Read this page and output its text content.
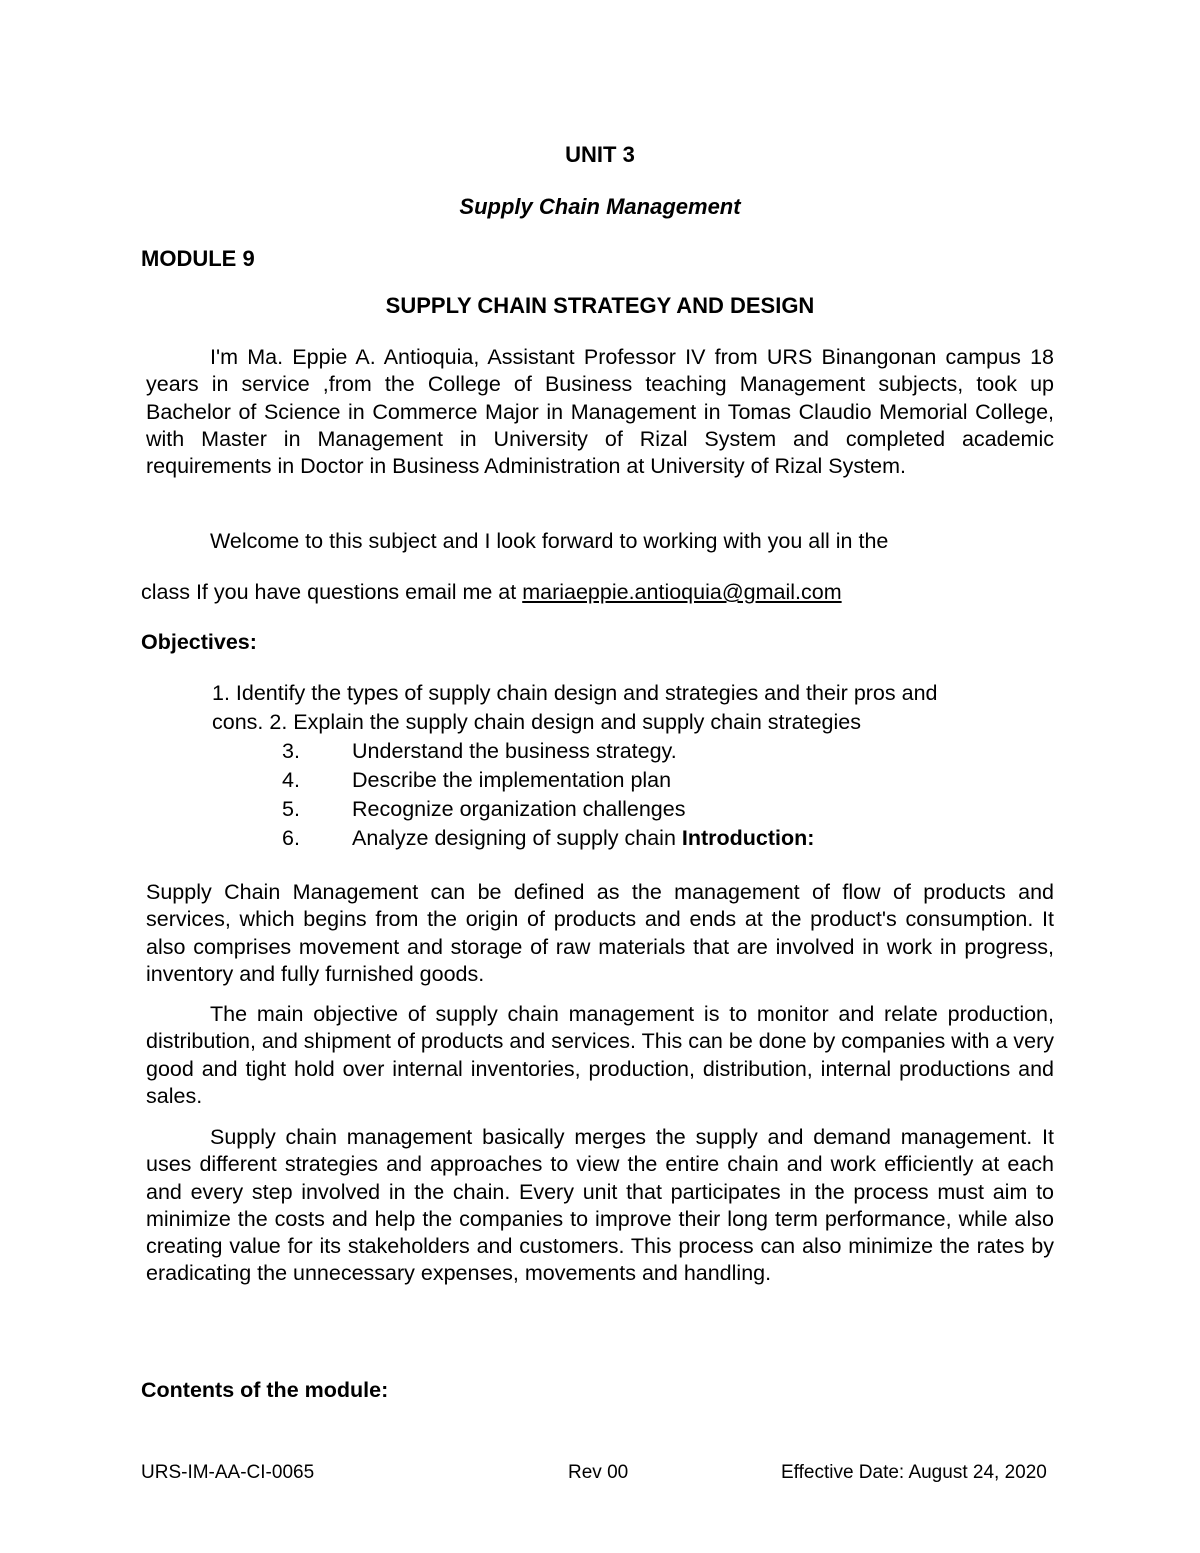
UNIT 3

Supply Chain Management

MODULE 9

SUPPLY CHAIN STRATEGY AND DESIGN

I'm Ma. Eppie A. Antioquia, Assistant Professor IV from URS Binangonan campus 18 years in service ,from the College of Business teaching Management subjects, took up Bachelor of Science in Commerce Major in Management in Tomas Claudio Memorial College, with Master in Management in University of Rizal System and completed academic requirements in Doctor in Business Administration at University of Rizal System.

Welcome to this subject and I look forward to working with you all in the

class If you have questions email me at mariaeppie.antioquia@gmail.com

Objectives:

1. Identify the types of supply chain design and strategies and their pros and
cons. 2. Explain the supply chain design and supply chain strategies
3. Understand the business strategy.
4. Describe the implementation plan
5. Recognize organization challenges
6. Analyze designing of supply chain Introduction:

Supply Chain Management can be defined as the management of flow of products and services, which begins from the origin of products and ends at the product's consumption. It also comprises movement and storage of raw materials that are involved in work in progress, inventory and fully furnished goods.

The main objective of supply chain management is to monitor and relate production, distribution, and shipment of products and services. This can be done by companies with a very good and tight hold over internal inventories, production, distribution, internal productions and sales.

Supply chain management basically merges the supply and demand management. It uses different strategies and approaches to view the entire chain and work efficiently at each and every step involved in the chain. Every unit that participates in the process must aim to minimize the costs and help the companies to improve their long term performance, while also creating value for its stakeholders and customers. This process can also minimize the rates by eradicating the unnecessary expenses, movements and handling.

Contents of the module:

URS-IM-AA-CI-0065	Rev 00	Effective Date: August 24, 2020
